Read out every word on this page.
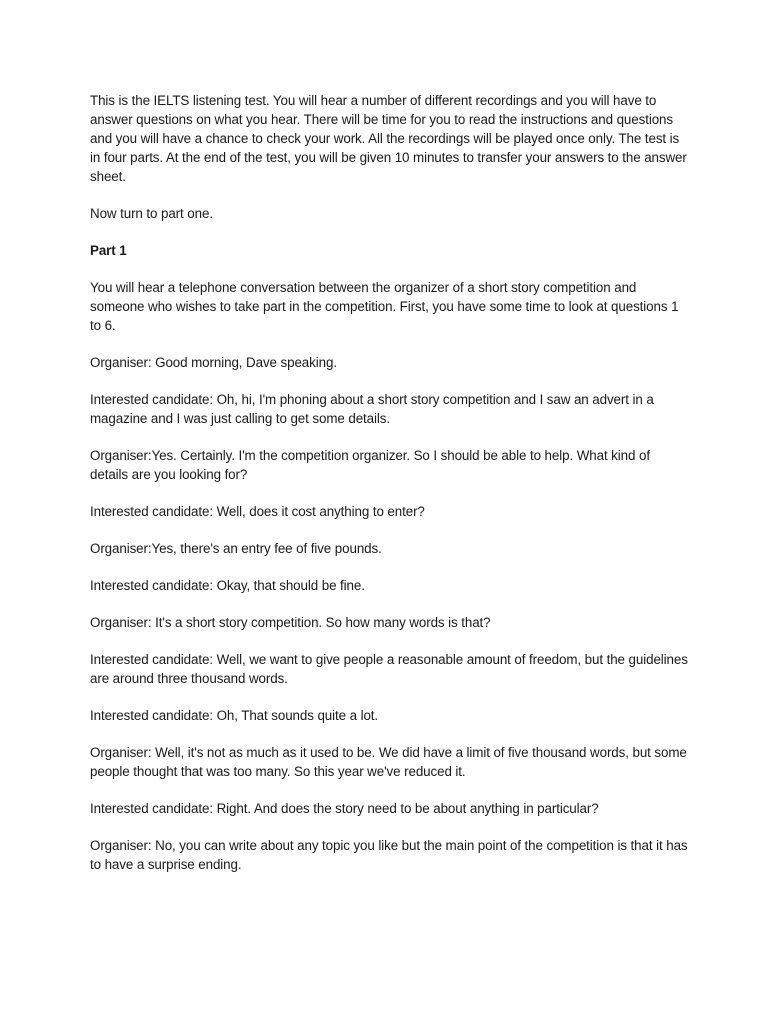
This is the IELTS listening test. You will hear a number of different recordings and you will have to answer questions on what you hear. There will be time for you to read the instructions and questions and you will have a chance to check your work. All the recordings will be played once only. The test is in four parts. At the end of the test, you will be given 10 minutes to transfer your answers to the answer sheet.

Now turn to part one.

Part 1

You will hear a telephone conversation between the organizer of a short story competition and someone who wishes to take part in the competition. First, you have some time to look at questions 1 to 6.

Organiser: Good morning, Dave speaking.

Interested candidate: Oh, hi, I'm phoning about a short story competition and I saw an advert in a magazine and I was just calling to get some details.

Organiser:Yes. Certainly. I'm the competition organizer. So I should be able to help. What kind of details are you looking for?

Interested candidate: Well, does it cost anything to enter?

Organiser:Yes, there's an entry fee of five pounds.

Interested candidate: Okay, that should be fine.

Organiser: It's a short story competition. So how many words is that?

Interested candidate: Well, we want to give people a reasonable amount of freedom, but the guidelines are around three thousand words.

Interested candidate: Oh, That sounds quite a lot.

Organiser: Well, it's not as much as it used to be. We did have a limit of five thousand words, but some people thought that was too many. So this year we've reduced it.

Interested candidate: Right. And does the story need to be about anything in particular?

Organiser: No, you can write about any topic you like but the main point of the competition is that it has to have a surprise ending.
